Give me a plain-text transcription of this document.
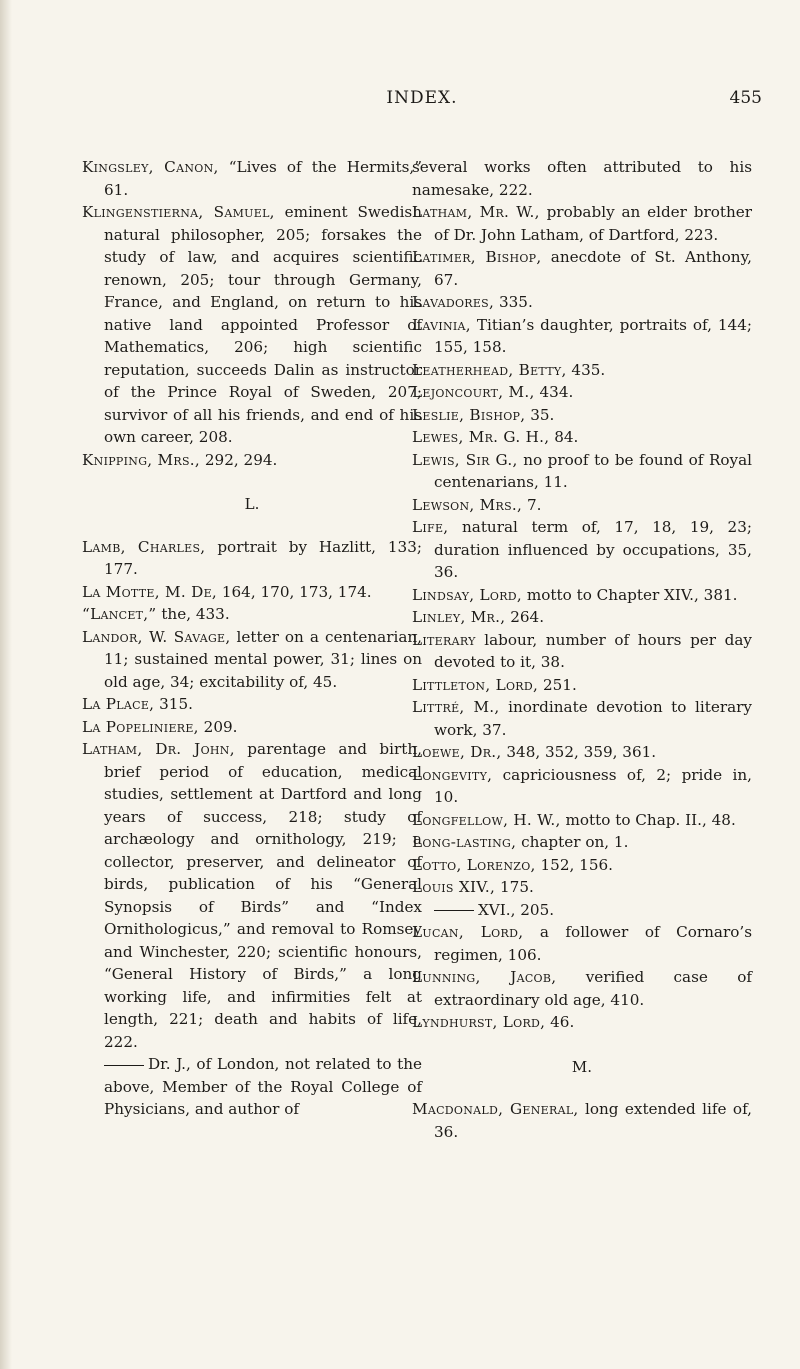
INDEX.	455

Kingsley, Canon, “Lives of the Hermits,” 61.

Klingenstierna, Samuel, eminent Swedish natural philosopher, 205; forsakes the study of law, and acquires scientific renown, 205; tour through Germany, France, and England, on return to his native land appointed Professor of Mathematics, 206; high scientific reputation, succeeds Dalin as instructor of the Prince Royal of Sweden, 207; survivor of all his friends, and end of his own career, 208.

Knipping, Mrs., 292, 294.

L.

Lamb, Charles, portrait by Hazlitt, 133; 177.

La Motte, M. De, 164, 170, 173, 174.

“Lancet,” the, 433.

Landor, W. Savage, letter on a centenarian, 11; sustained mental power, 31; lines on old age, 34; excitability of, 45.

La Place, 315.

La Popeliniere, 209.

Latham, Dr. John, parentage and birth, brief period of education, medical studies, settlement at Dartford and long years of success, 218; study of archæology and ornithology, 219; a collector, preserver, and delineator of birds, publication of his “General Synopsis of Birds” and “Index Ornithologicus,” and removal to Romsey and Winchester, 220; scientific honours, “General History of Birds,” a long working life, and infirmities felt at length, 221; death and habits of life, 222.

Dr. J., of London, not related to the above, Member of the Royal College of Physicians, and author of

several works often attributed to his namesake, 222.

Latham, Mr. W., probably an elder brother of Dr. John Latham, of Dartford, 223.

Latimer, Bishop, anecdote of St. Anthony, 67.

Lavadores, 335.

Lavinia, Titian’s daughter, portraits of, 144; 155, 158.

Leatherhead, Betty, 435.

Lejoncourt, M., 434.

Leslie, Bishop, 35.

Lewes, Mr. G. H., 84.

Lewis, Sir G., no proof to be found of Royal centenarians, 11.

Lewson, Mrs., 7.

Life, natural term of, 17, 18, 19, 23; duration influenced by occupations, 35, 36.

Lindsay, Lord, motto to Chapter XIV., 381.

Linley, Mr., 264.

Literary labour, number of hours per day devoted to it, 38.

Littleton, Lord, 251.

Littré, M., inordinate devotion to literary work, 37.

Loewe, Dr., 348, 352, 359, 361.

Longevity, capriciousness of, 2; pride in, 10.

Longfellow, H. W., motto to Chap. II., 48.

Long-lasting, chapter on, 1.

Lotto, Lorenzo, 152, 156.

Louis XIV., 175.

XVI., 205.

Lucan, Lord, a follower of Cornaro’s regimen, 106.

Lunning, Jacob, verified case of extraordinary old age, 410.

Lyndhurst, Lord, 46.

M.

Macdonald, General, long extended life of, 36.
